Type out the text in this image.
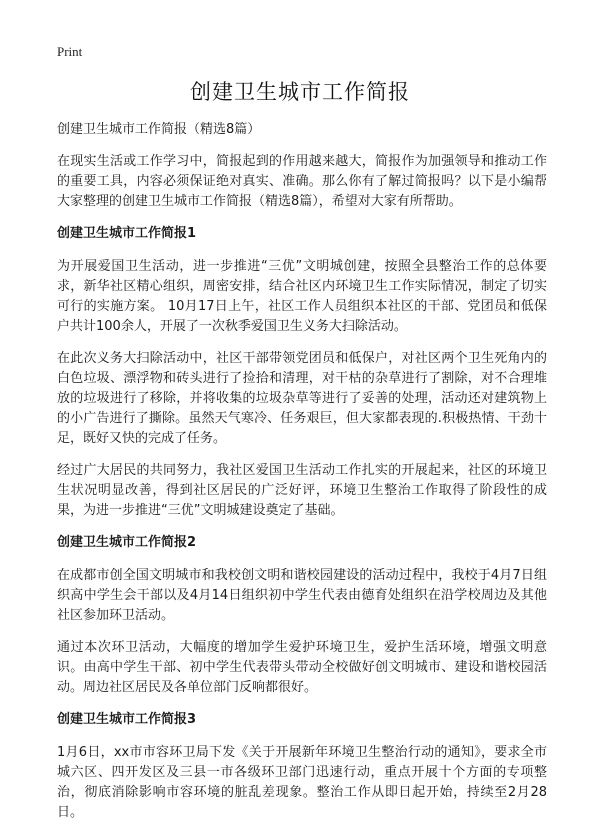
Print
创建卫生城市工作简报

创建卫生城市工作简报（精选8篇）

在现实生活或工作学习中，简报起到的作用越来越大，简报作为加强领导和推动工作的重要工具，内容必须保证绝对真实、准确。那么你有了解过简报吗？以下是小编帮大家整理的创建卫生城市工作简报（精选8篇），希望对大家有所帮助。

创建卫生城市工作简报1

为开展爱国卫生活动，进一步推进“三优”文明城创建，按照全县整治工作的总体要求，新华社区精心组织，周密安排，结合社区内环境卫生工作实际情况，制定了切实可行的实施方案。 10月17日上午，社区工作人员组织本社区的干部、党团员和低保户共计100余人，开展了一次秋季爱国卫生义务大扫除活动。

在此次义务大扫除活动中，社区干部带领党团员和低保户，对社区两个卫生死角内的白色垃圾、漂浮物和砖头进行了捡拾和清理，对干枯的杂草进行了割除，对不合理堆放的垃圾进行了移除，并将收集的垃圾杂草等进行了妥善的处理，活动还对建筑物上的小广告进行了撕除。虽然天气寒冷、任务艰巨，但大家都表现的.积极热情、干劲十足，既好又快的完成了任务。

经过广大居民的共同努力，我社区爱国卫生活动工作扎实的开展起来，社区的环境卫生状况明显改善，得到社区居民的广泛好评，环境卫生整治工作取得了阶段性的成果，为进一步推进“三优”文明城建设奠定了基础。

创建卫生城市工作简报2

在成都市创全国文明城市和我校创文明和谐校园建设的活动过程中，我校于4月7日组织高中学生会干部以及4月14日组织初中学生代表由德育处组织在沿学校周边及其他社区参加环卫活动。

通过本次环卫活动，大幅度的增加学生爱护环境卫生，爱护生活环境，增强文明意识。由高中学生干部、初中学生代表带头带动全校做好创文明城市、建设和谐校园活动。周边社区居民及各单位部门反响都很好。

创建卫生城市工作简报3

1月6日，xx市市容环卫局下发《关于开展新年环境卫生整治行动的通知》，要求全市城六区、四开发区及三县一市各级环卫部门迅速行动，重点开展十个方面的专项整治，彻底消除影响市容环境的脏乱差现象。整治工作从即日起开始，持续至2月28日。
